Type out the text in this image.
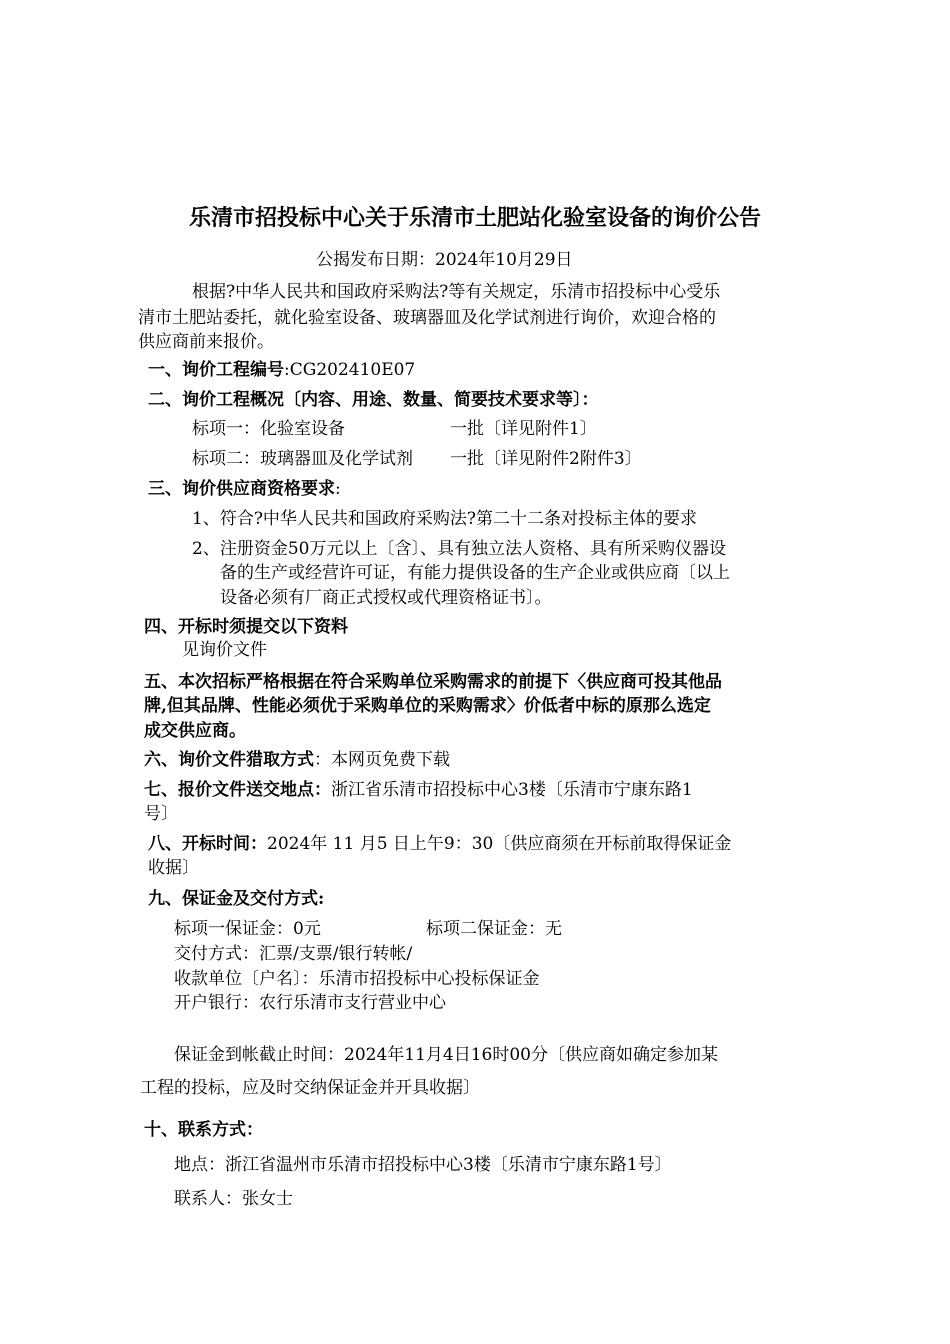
乐清市招投标中心关于乐清市土肥站化验室设备的询价公告
公揭发布日期：2024年10月29日
根据?中华人民共和国政府采购法?等有关规定，乐清市招投标中心受乐
清市土肥站委托，就化验室设备、玻璃器皿及化学试剂进行询价，欢迎合格的
供应商前来报价。
一、询价工程编号:CG202410E07
二、询价工程概况〔内容、用途、数量、简要技术要求等〕：
标项一：化验室设备	一批〔详见附件1〕
标项二：玻璃器皿及化学试剂 一批〔详见附件2附件3〕
三、询价供应商资格要求:
1、符合?中华人民共和国政府采购法?第二十二条对投标主体的要求
2、注册资金50万元以上〔含〕、具有独立法人资格、具有所采购仪器设
备的生产或经营许可证，有能力提供设备的生产企业或供应商〔以上
设备必须有厂商正式授权或代理资格证书〕。
四、开标时须提交以下资料
见询价文件
五、本次招标严格根据在符合采购单位采购需求的前提下〈供应商可投其他品
牌,但其品牌、性能必须优于采购单位的采购需求〉价低者中标的原那么选定
成交供应商。
六、询价文件猎取方式：本网页免费下载
七、报价文件送交地点：浙江省乐清市招投标中心3楼〔乐清市宁康东路1
号〕
八、开标时间：2024年 11 月5 日上午9：30〔供应商须在开标前取得保证金
收据〕
九、保证金及交付方式:
标项一保证金：0元	标项二保证金：无
交付方式：汇票/支票/银行转帐/
收款单位〔户名〕：乐清市招投标中心投标保证金
开户银行：农行乐清市支行营业中心
保证金到帐截止时间：2024年11月4日16时00分〔供应商如确定参加某
工程的投标，应及时交纳保证金并开具收据〕
十、联系方式：
地点：浙江省温州市乐清市招投标中心3楼〔乐清市宁康东路1号〕
联系人：张女士
